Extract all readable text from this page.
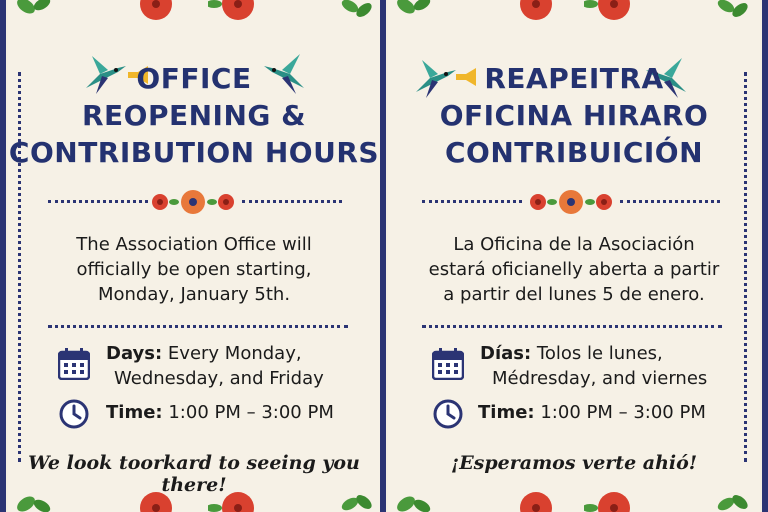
OFFICE
REOPENING &
CONTRIBUTION HOURS
The Association Office will
officially be open starting,
Monday, January 5th.
Days: Every Monday,
Wednesday, and Friday
Time: 1:00 PM – 3:00 PM
We look toorkard to seeing you there!
REAPEITRA
OFICINA HIRARO
CONTRIBUICIÓN
La Oficina de la Asociación
estará oficianelly aberta a partir
a partir del lunes 5 de enero.
Días: Tolos le lunes,
Médresday, and viernes
Time: 1:00 PM – 3:00 PM
¡Esperamos verte ahió!
